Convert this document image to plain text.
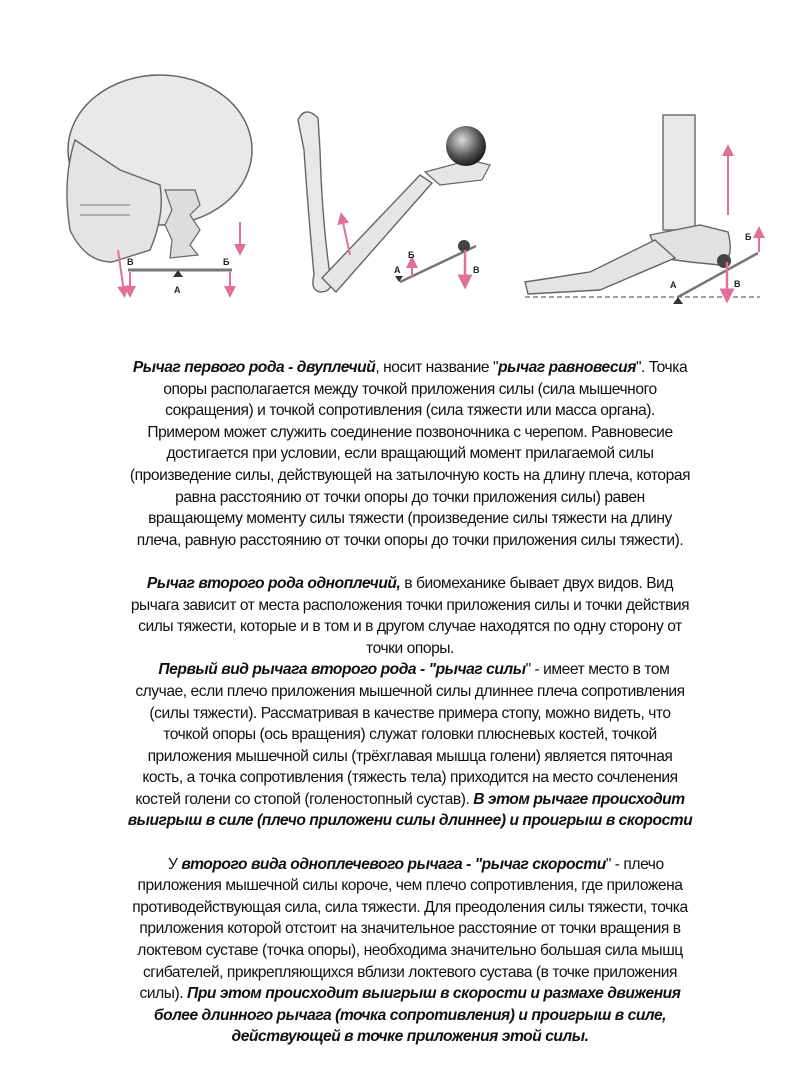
В	Б
А
А
Б
В
А
Б
В
Рычаг первого рода - двуплечий, носит название "рычаг равновесия". Точка
опоры располагается между точкой приложения силы (сила мышечного
сокращения) и точкой сопротивления (сила тяжести или масса органа).
Примером может служить соединение позвоночника с черепом. Равновесие
достигается при условии, если вращающий момент прилагаемой силы
(произведение силы, действующей на затылочную кость на длину плеча, которая
равна расстоянию от точки опоры до точки приложения силы) равен
вращающему моменту силы тяжести (произведение силы тяжести на длину
плеча, равную расстоянию от точки опоры до точки приложения силы тяжести).
Рычаг второго рода одноплечий, в биомеханике бывает двух видов. Вид
рычага зависит от места расположения точки приложения силы и точки действия
силы тяжести, которые и в том и в другом случае находятся по одну сторону от
точки опоры.
Первый вид рычага второго рода - "рычаг силы" - имеет место в том
случае, если плечо приложения мышечной силы длиннее плеча сопротивления
(силы тяжести). Рассматривая в качестве примера стопу, можно видеть, что
точкой опоры (ось вращения) служат головки плюсневых костей, точкой
приложения мышечной силы (трёхглавая мышца голени) является пяточная
кость, а точка сопротивления (тяжесть тела) приходится на место сочленения
костей голени со стопой (голеностопный сустав). В этом рычаге происходит
выигрыш в силе (плечо приложени силы длиннее) и проигрыш в скорости
У второго вида одноплечевого рычага - "рычаг скорости" - плечо
приложения мышечной силы короче, чем плечо сопротивления, где приложена
противодействующая сила, сила тяжести. Для преодоления силы тяжести, точка
приложения которой отстоит на значительное расстояние от точки вращения в
локтевом суставе (точка опоры), необходима значительно большая сила мышц
сгибателей, прикрепляющихся вблизи локтевого сустава (в точке приложения
силы). При этом происходит выигрыш в скорости и размахе движения
более длинного рычага (точка сопротивления) и проигрыш в силе,
действующей в точке приложения этой силы.
